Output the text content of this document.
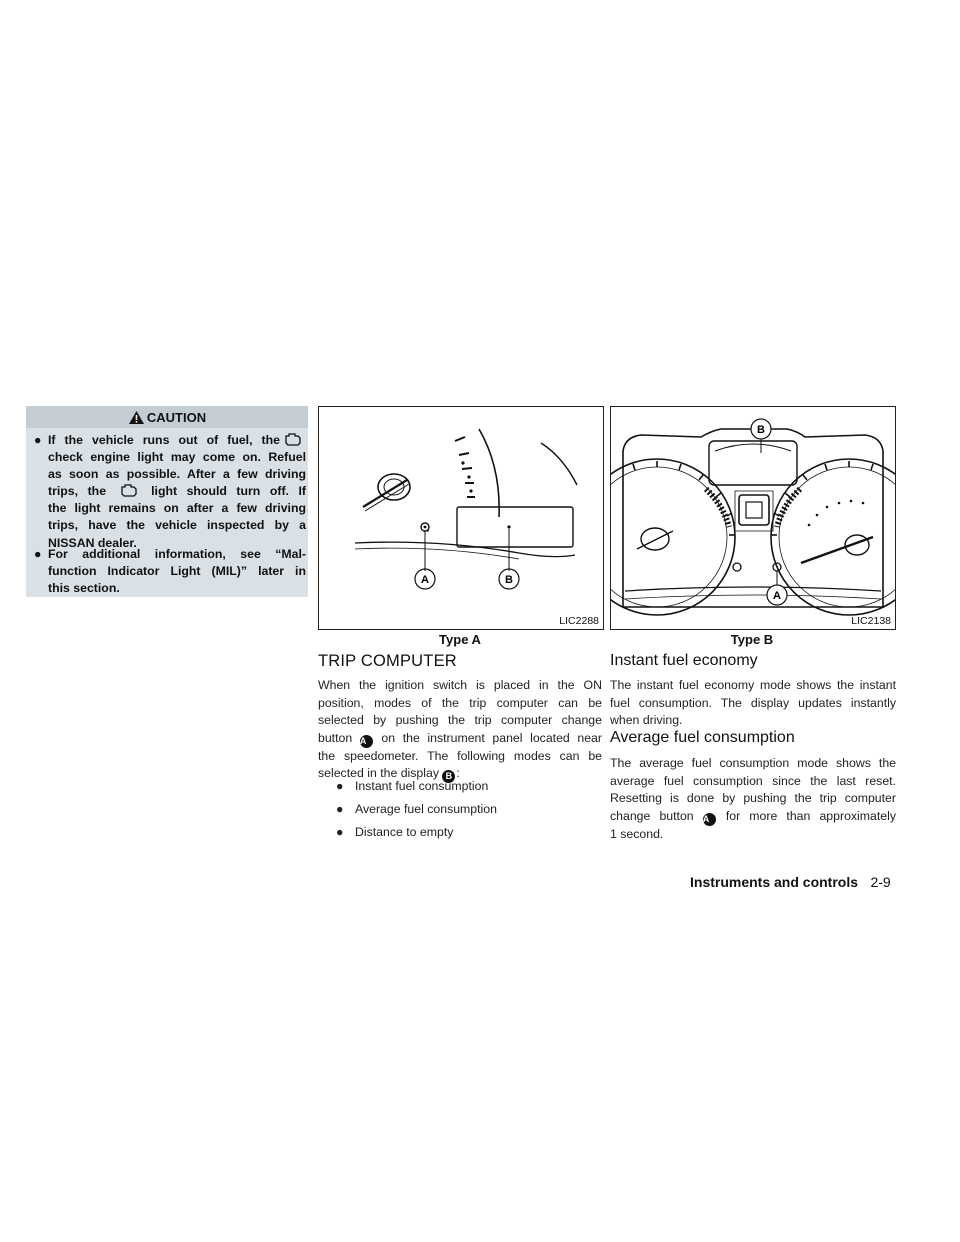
CAUTION
● If the vehicle runs out of fuel, the
check engine light may come on. Refuel
as soon as possible. After a few driving
trips, the	light should turn off. If
the light remains on after a few driving
trips, have the vehicle inspected by a
NISSAN dealer.
● For additional information, see “Mal-
function Indicator Light (MIL)” later in
this section.
A	B
LIC2288
Type A
B
A
LIC2138
Type B
TRIP COMPUTER
When the ignition switch is placed in the ON
position, modes of the trip computer can be
selected by pushing the trip computer change
button A on the instrument panel located near
the speedometer. The following modes can be
selected in the display B :
● Instant fuel consumption
● Average fuel consumption
● Distance to empty
Instant fuel economy
The instant fuel economy mode shows the instant
fuel consumption. The display updates instantly
when driving.
Average fuel consumption
The average fuel consumption mode shows the
average fuel consumption since the last reset.
Resetting is done by pushing the trip computer
change button A for more than approximately
1 second.
Instruments and controls 2-9
